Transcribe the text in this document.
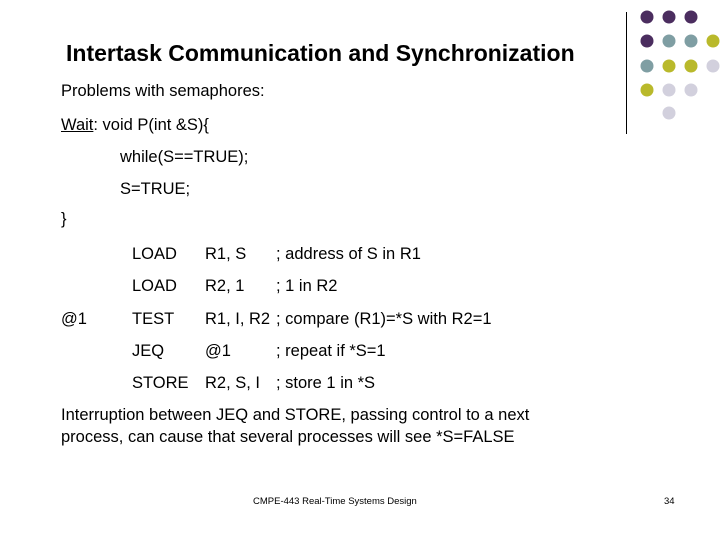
Intertask Communication and Synchronization
Problems with semaphores:
Wait: void P(int &S){
while(S==TRUE);
S=TRUE;
}
@1
LOAD R1, S ; address of S in R1
LOAD R2, 1 ; 1 in R2
TEST R1, I, R2 ; compare (R1)=*S with R2=1
JEQ @1	; repeat if *S=1
STORE R2, S, I ; store 1 in *S
Interruption between JEQ and STORE, passing control to a next
process, can cause that several processes will see *S=FALSE
CMPE-443 Real-Time Systems Design	34
